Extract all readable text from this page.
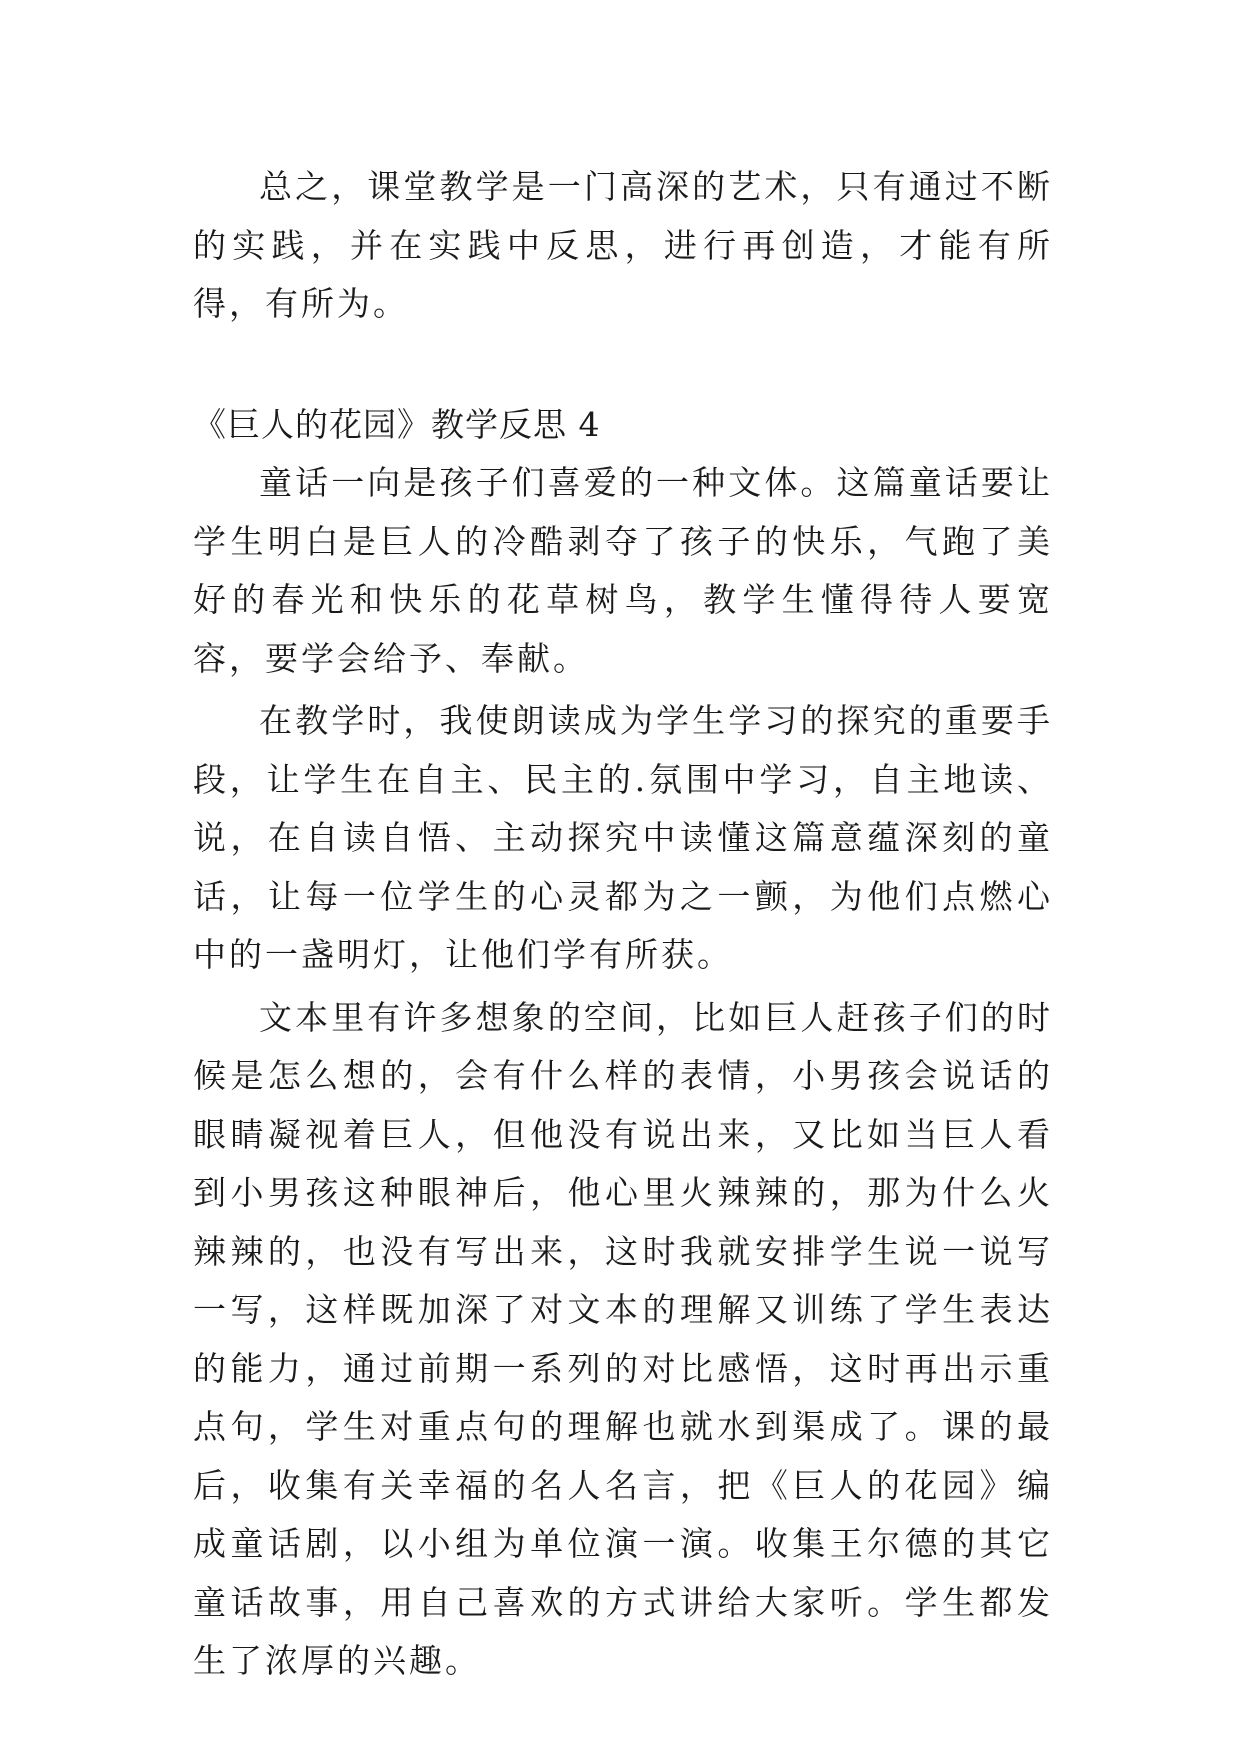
总之，课堂教学是一门高深的艺术，只有通过不断的实践，并在实践中反思，进行再创造，才能有所得，有所为。

《巨人的花园》教学反思 4

童话一向是孩子们喜爱的一种文体。这篇童话要让学生明白是巨人的冷酷剥夺了孩子的快乐，气跑了美好的春光和快乐的花草树鸟，教学生懂得待人要宽容，要学会给予、奉献。

在教学时，我使朗读成为学生学习的探究的重要手段，让学生在自主、民主的.氛围中学习，自主地读、说，在自读自悟、主动探究中读懂这篇意蕴深刻的童话，让每一位学生的心灵都为之一颤，为他们点燃心中的一盏明灯，让他们学有所获。

文本里有许多想象的空间，比如巨人赶孩子们的时候是怎么想的，会有什么样的表情，小男孩会说话的眼睛凝视着巨人，但他没有说出来，又比如当巨人看到小男孩这种眼神后，他心里火辣辣的，那为什么火辣辣的，也没有写出来，这时我就安排学生说一说写一写，这样既加深了对文本的理解又训练了学生表达的能力，通过前期一系列的对比感悟，这时再出示重点句，学生对重点句的理解也就水到渠成了。课的最后，收集有关幸福的名人名言，把《巨人的花园》编成童话剧，以小组为单位演一演。收集王尔德的其它童话故事，用自己喜欢的方式讲给大家听。学生都发生了浓厚的兴趣。
